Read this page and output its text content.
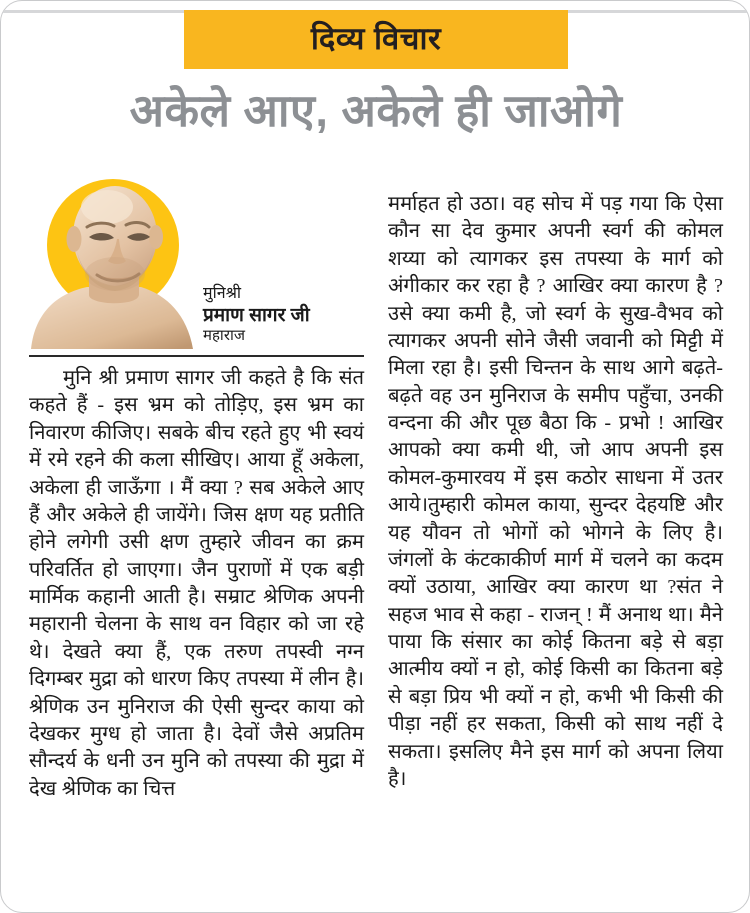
दिव्य विचार
अकेले आए, अकेले ही जाओगे
मुनिश्री
प्रमाण सागर जी
महाराज
मुनि श्री प्रमाण सागर जी कहते है कि संत कहते हैं - इस भ्रम को तोड़िए, इस भ्रम का निवारण कीजिए। सबके बीच रहते हुए भी स्वयं में रमे रहने की कला सीखिए। आया हूँ अकेला, अकेला ही जाऊँगा । मैं क्या ? सब अकेले आए हैं और अकेले ही जायेंगे। जिस क्षण यह प्रतीति होने लगेगी उसी क्षण तुम्हारे जीवन का क्रम परिवर्तित हो जाएगा। जैन पुराणों में एक बड़ी मार्मिक कहानी आती है। सम्राट श्रेणिक अपनी महारानी चेलना के साथ वन विहार को जा रहे थे। देखते क्या हैं, एक तरुण तपस्वी नग्न दिगम्बर मुद्रा को धारण किए तपस्या में लीन है। श्रेणिक उन मुनिराज की ऐसी सुन्दर काया को देखकर मुग्ध हो जाता है। देवों जैसे अप्रतिम सौन्दर्य के धनी उन मुनि को तपस्या की मुद्रा में देख श्रेणिक का चित्त
मर्माहत हो उठा। वह सोच में पड़ गया कि ऐसा कौन सा देव कुमार अपनी स्वर्ग की कोमल शय्या को त्यागकर इस तपस्या के मार्ग को अंगीकार कर रहा है ? आखिर क्या कारण है ? उसे क्या कमी है, जो स्वर्ग के सुख-वैभव को त्यागकर अपनी सोने जैसी जवानी को मिट्टी में मिला रहा है। इसी चिन्तन के साथ आगे बढ़ते-बढ़ते वह उन मुनिराज के समीप पहुँचा, उनकी वन्दना की और पूछ बैठा कि - प्रभो ! आखिर आपको क्या कमी थी, जो आप अपनी इस कोमल-कुमारवय में इस कठोर साधना में उतर आये।तुम्हारी कोमल काया, सुन्दर देहयष्टि और यह यौवन तो भोगों को भोगने के लिए है। जंगलों के कंटकाकीर्ण मार्ग में चलने का कदम क्यों उठाया, आखिर क्या कारण था ?संत ने सहज भाव से कहा - राजन् ! मैं अनाथ था। मैने पाया कि संसार का कोई कितना बड़े से बड़ा आत्मीय क्यों न हो, कोई किसी का कितना बड़े से बड़ा प्रिय भी क्यों न हो, कभी भी किसी की पीड़ा नहीं हर सकता, किसी को साथ नहीं दे सकता। इसलिए मैने इस मार्ग को अपना लिया है।
